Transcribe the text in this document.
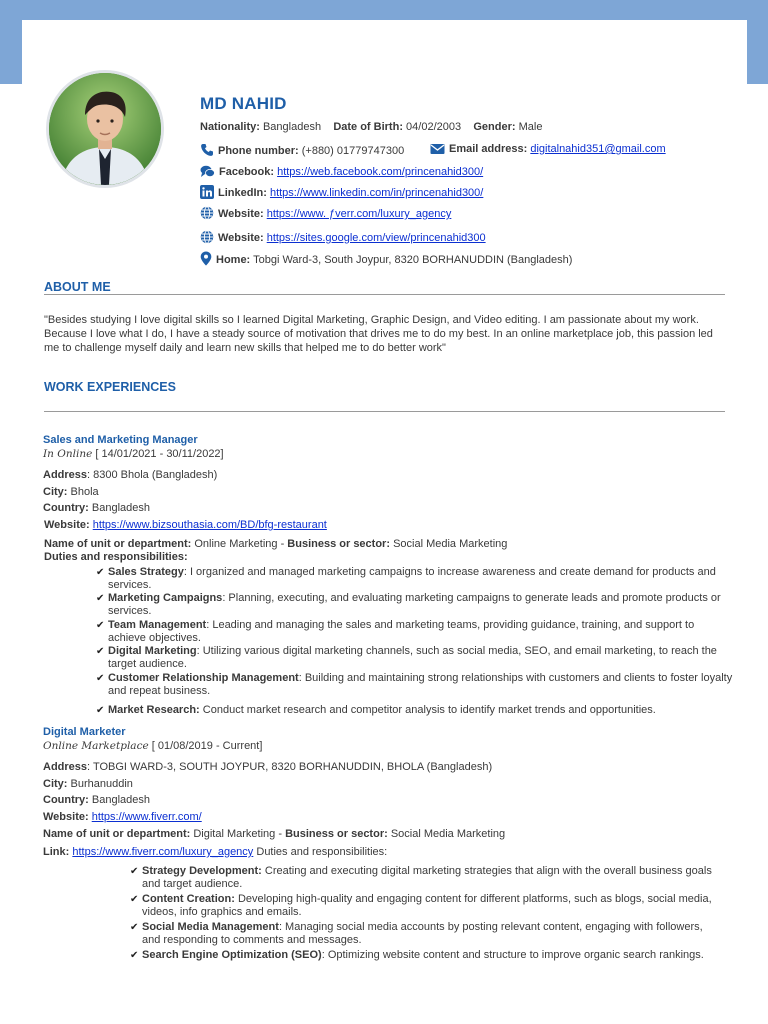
MD NAHID
Nationality: Bangladesh Date of Birth: 04/02/2003 Gender: Male
Phone number: (+880) 01779747300	Email address: digitalnahid351@gmail.com
Facebook: https://web.facebook.com/princenahid300/
LinkedIn: https://www.linkedin.com/in/princenahid300/
Website: https://www. ƒverr.com/luxury_agency
Website: https://sites.google.com/view/princenahid300
Home: Tobgi Ward-3, South Joypur, 8320 BORHANUDDIN (Bangladesh)
ABOUT ME
"Besides studying I love digital skills so I learned Digital Marketing, Graphic Design, and Video editing. I am passionate about my work. Because I love what I do, I have a steady source of motivation that drives me to do my best. In an online marketplace job, this passion led me to challenge myself daily and learn new skills that helped me to do better work"
WORK EXPERIENCES
Sales and Marketing Manager
In Online [ 14/01/2021 - 30/11/2022]
Address: 8300 Bhola (Bangladesh)
City: Bhola
Country: Bangladesh
Website: https://www.bizsouthasia.com/BD/bfg-restaurant
Name of unit or department: Online Marketing - Business or sector: Social Media Marketing
Duties and responsibilities:
✔ Sales Strategy: I organized and managed marketing campaigns to increase awareness and create demand for products and services.
✔ Marketing Campaigns: Planning, executing, and evaluating marketing campaigns to generate leads and promote products or services.
✔ Team Management: Leading and managing the sales and marketing teams, providing guidance, training, and support to achieve objectives.
✔ Digital Marketing: Utilizing various digital marketing channels, such as social media, SEO, and email marketing, to reach the target audience.
✔ Customer Relationship Management: Building and maintaining strong relationships with customers and clients to foster loyalty and repeat business.
✔ Market Research: Conduct market research and competitor analysis to identify market trends and opportunities.
Digital Marketer
Online Marketplace [ 01/08/2019 - Current]
Address: TOBGI WARD-3, SOUTH JOYPUR, 8320 BORHANUDDIN, BHOLA (Bangladesh)
City: Burhanuddin
Country: Bangladesh
Website: https://www.fiverr.com/
Name of unit or department: Digital Marketing - Business or sector: Social Media Marketing
Link: https://www.fiverr.com/luxury_agency Duties and responsibilities:
✔ Strategy Development: Creating and executing digital marketing strategies that align with the overall business goals and target audience.
✔ Content Creation: Developing high-quality and engaging content for different platforms, such as blogs, social media, videos, info graphics and emails.
✔ Social Media Management: Managing social media accounts by posting relevant content, engaging with followers, and responding to comments and messages.
✔ Search Engine Optimization (SEO): Optimizing website content and structure to improve organic search rankings.
